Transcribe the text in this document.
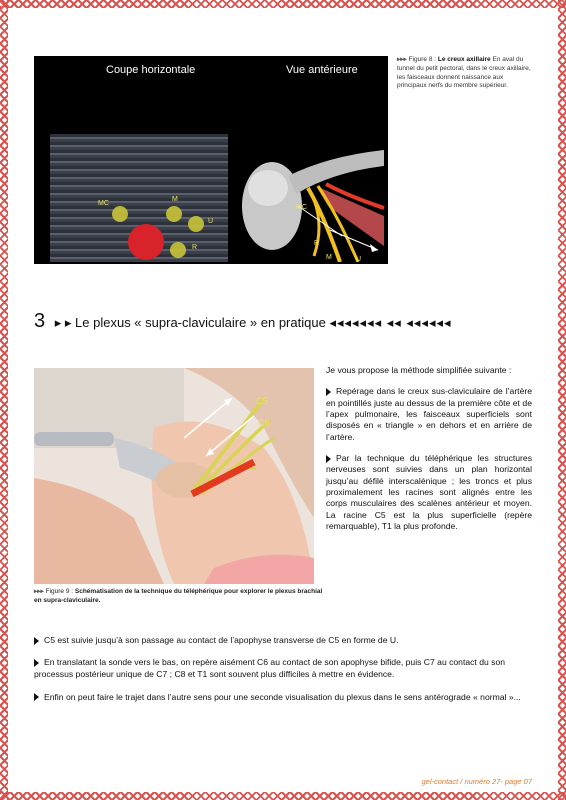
Coupe horizontale	Vue antérieure
MC
M
U
R
MC
R
M	U
▸▸▸ Figure 8 : Le creux axillaire En aval du tunnel du petit pectoral, dans le creux axillaire, les faisceaux donnent naissance aux principaux nerfs du membre supérieur.
3 ▸ ▸ Le plexus « supra-claviculaire » en pratique ◂◂◂◂◂◂◂ ◂◂ ◂◂◂◂◂◂
C5
C6
▸▸▸ Figure 9 : Schématisation de la technique du téléphérique pour explorer le plexus brachial en supra-claviculaire.

Je vous propose la méthode simplifiée suivante :

Repérage dans le creux sus-claviculaire de l’artère en pointillés juste au dessus de la première côte et de l’apex pulmonaire, les faisceaux superficiels sont disposés en « triangle » en dehors et en arrière de l’artère.

Par la technique du téléphérique les structures nerveuses sont suivies dans un plan horizontal jusqu’au défilé interscalénique ; les troncs et plus proximalement les racines sont alignés entre les corps musculaires des scalènes antérieur et moyen. La racine C5 est la plus superficielle (repère remarquable), T1 la plus profonde.

C5 est suivie jusqu’à son passage au contact de l’apophyse transverse de C5 en forme de U.

En translatant la sonde vers le bas, on repère aisément C6 au contact de son apophyse bifide, puis C7 au contact du son processus postérieur unique de C7 ; C8 et T1 sont souvent plus difficiles à mettre en évidence.

Enfin on peut faire le trajet dans l’autre sens pour une seconde visualisation du plexus dans le sens antérograde « normal »...

gel-contact / numéro 27- page 07
